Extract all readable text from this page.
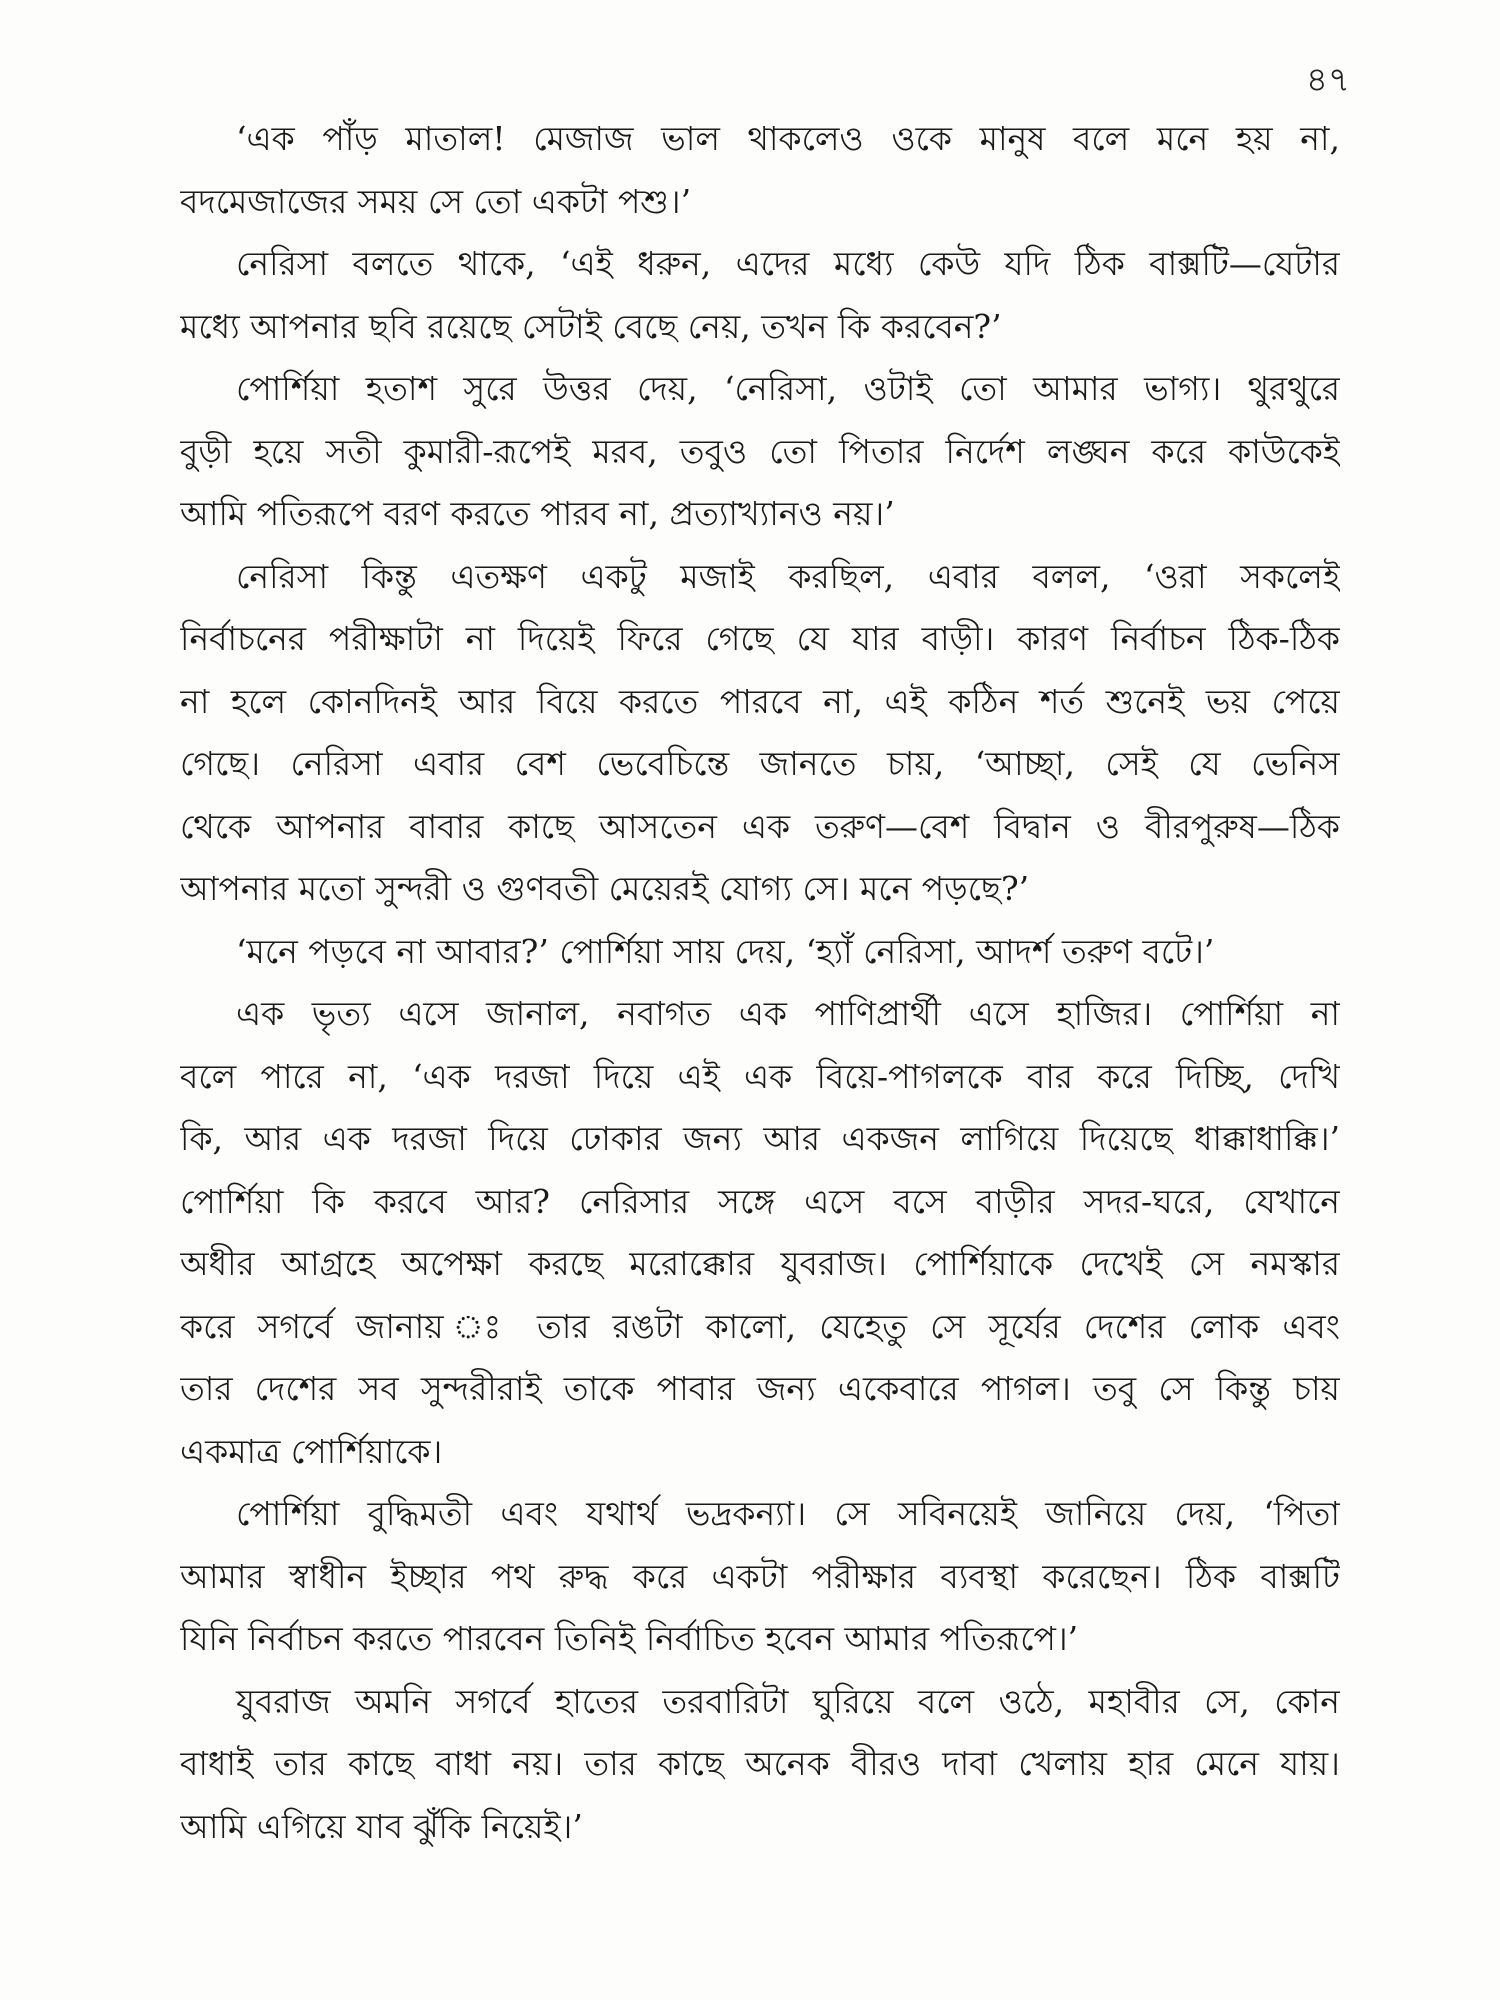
৪৭
‘এক পাঁড় মাতাল! মেজাজ ভাল থাকলেও ওকে মানুষ বলে মনে হয় না,
বদমেজাজের সময় সে তো একটা পশু।’
নেরিসা বলতে থাকে, ‘এই ধরুন, এদের মধ্যে কেউ যদি ঠিক বাক্সটি—যেটার
মধ্যে আপনার ছবি রয়েছে সেটাই বেছে নেয়, তখন কি করবেন?’
পোর্শিয়া হতাশ সুরে উত্তর দেয়, ‘নেরিসা, ওটাই তো আমার ভাগ্য। থুরথুরে
বুড়ী হয়ে সতী কুমারী-রূপেই মরব, তবুও তো পিতার নির্দেশ লঙ্ঘন করে কাউকেই
আমি পতিরূপে বরণ করতে পারব না, প্রত্যাখ্যানও নয়।’
নেরিসা কিন্তু এতক্ষণ একটু মজাই করছিল, এবার বলল, ‘ওরা সকলেই
নির্বাচনের পরীক্ষাটা না দিয়েই ফিরে গেছে যে যার বাড়ী। কারণ নির্বাচন ঠিক-ঠিক
না হলে কোনদিনই আর বিয়ে করতে পারবে না, এই কঠিন শর্ত শুনেই ভয় পেয়ে
গেছে। নেরিসা এবার বেশ ভেবেচিন্তে জানতে চায়, ‘আচ্ছা, সেই যে ভেনিস
থেকে আপনার বাবার কাছে আসতেন এক তরুণ—বেশ বিদ্বান ও বীরপুরুষ—ঠিক
আপনার মতো সুন্দরী ও গুণবতী মেয়েরই যোগ্য সে। মনে পড়ছে?’
‘মনে পড়বে না আবার?’ পোর্শিয়া সায় দেয়, ‘হ্যাঁ নেরিসা, আদর্শ তরুণ বটে।’
এক ভৃত্য এসে জানাল, নবাগত এক পাণিপ্রার্থী এসে হাজির। পোর্শিয়া না
বলে পারে না, ‘এক দরজা দিয়ে এই এক বিয়ে-পাগলকে বার করে দিচ্ছি, দেখি
কি, আর এক দরজা দিয়ে ঢোকার জন্য আর একজন লাগিয়ে দিয়েছে ধাক্কাধাক্কি।’
পোর্শিয়া কি করবে আর? নেরিসার সঙ্গে এসে বসে বাড়ীর সদর-ঘরে, যেখানে
অধীর আগ্রহে অপেক্ষা করছে মরোক্কোর যুবরাজ। পোর্শিয়াকে দেখেই সে নমস্কার
করে সগর্বে জানায় ঃ তার রঙটা কালো, যেহেতু সে সূর্যের দেশের লোক এবং
তার দেশের সব সুন্দরীরাই তাকে পাবার জন্য একেবারে পাগল। তবু সে কিন্তু চায়
একমাত্র পোর্শিয়াকে।
পোর্শিয়া বুদ্ধিমতী এবং যথার্থ ভদ্রকন্যা। সে সবিনয়েই জানিয়ে দেয়, ‘পিতা
আমার স্বাধীন ইচ্ছার পথ রুদ্ধ করে একটা পরীক্ষার ব্যবস্থা করেছেন। ঠিক বাক্সটি
যিনি নির্বাচন করতে পারবেন তিনিই নির্বাচিত হবেন আমার পতিরূপে।’
যুবরাজ অমনি সগর্বে হাতের তরবারিটা ঘুরিয়ে বলে ওঠে, মহাবীর সে, কোন
বাধাই তার কাছে বাধা নয়। তার কাছে অনেক বীরও দাবা খেলায় হার মেনে যায়।
আমি এগিয়ে যাব ঝুঁকি নিয়েই।’
